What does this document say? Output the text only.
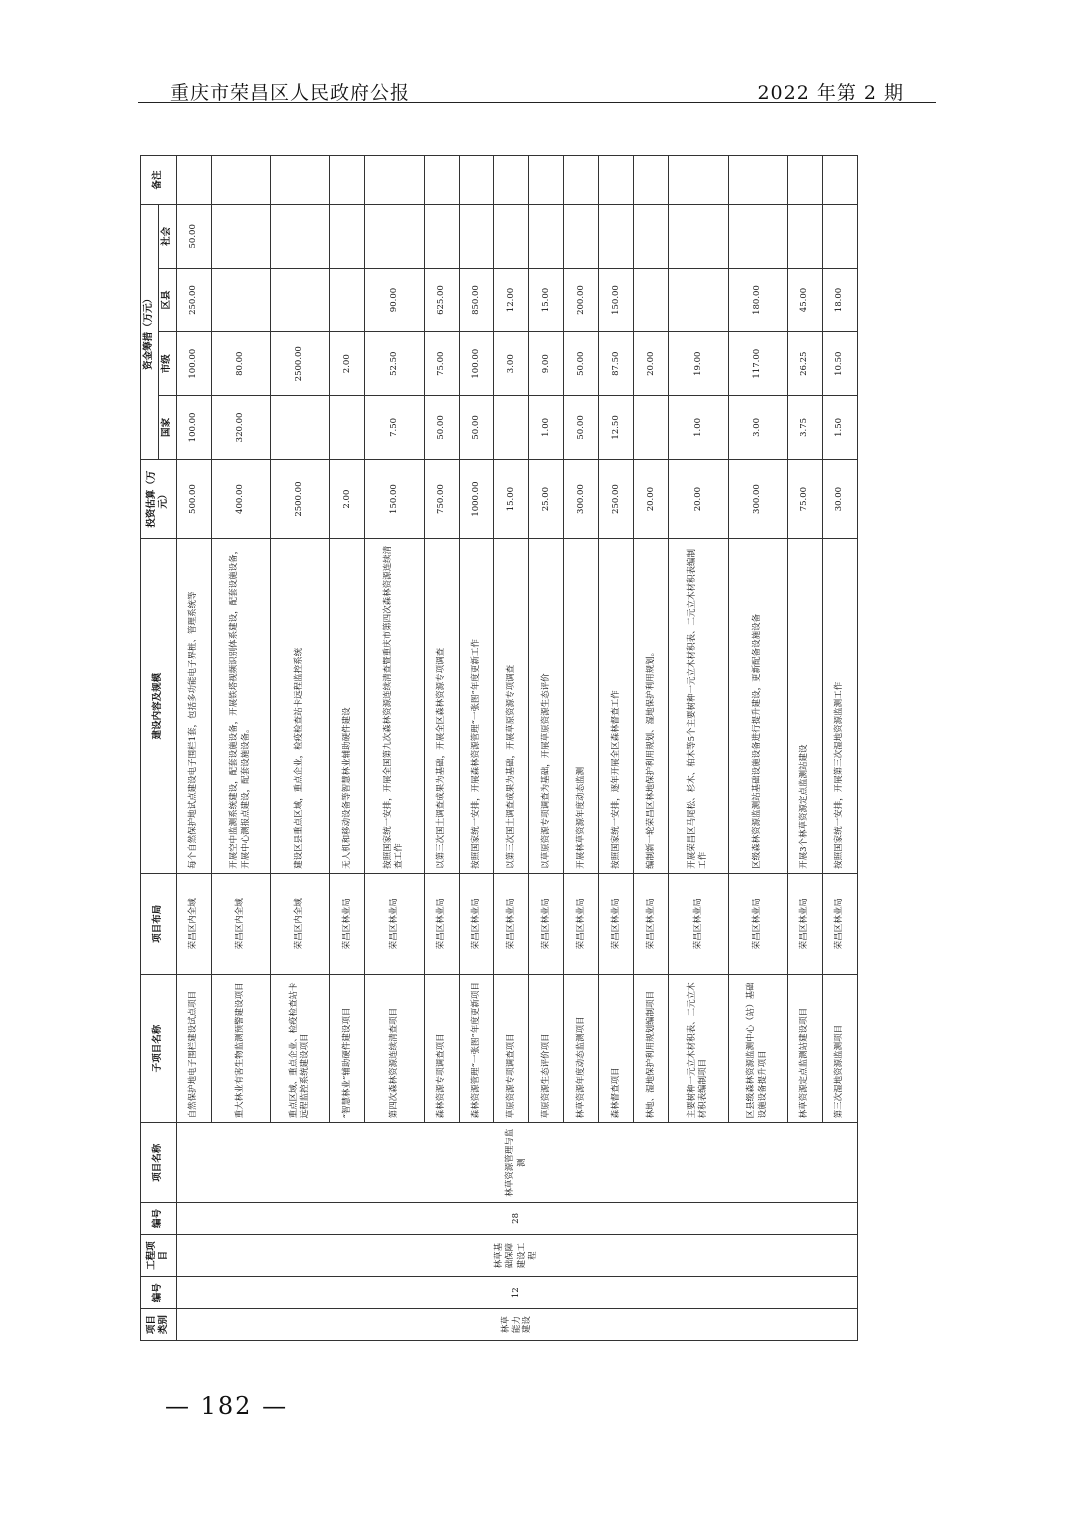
重庆市荣昌区人民政府公报	2022 年第 2 期
项目类别	编号	工程项目	编号	项目名称	子项目名称	项目布局	建设内容及规模	投资估算（万元）	资金筹措（万元）				备注
									国家	市级	区县	社会	
林草能力建设	12	林草基础保障建设工程	28	林草资源管理与监测	自然保护地电子围栏建设试点项目	荣昌区内全域	每个自然保护地试点建设电子围栏1套，包括多功能电子界桩、管理系统等	500.00	100.00	100.00	250.00	50.00	
					重大林业有害生物监测预警建设项目	荣昌区内全域	开展空中监测系统建设，配套设施设备，开展铁塔视频识别体系建设，配套设施设备，开展中心测报点建设，配套设施设备。	400.00	320.00	80.00			
					重点区域、重点企业、检疫检查站卡远程监控系统建设项目	荣昌区内全域	建设区县重点区域，重点企业，检疫检查站卡远程监控系统	2500.00		2500.00			
					“智慧林业”辅助硬件建设项目	荣昌区林业局	无人机和移动设备等智慧林业辅助硬件建设	2.00		2.00			
					第四次森林资源连续清查项目	荣昌区林业局	按照国家统一安排，开展全国第九次森林资源连续清查暨重庆市第四次森林资源连续清查工作	150.00	7.50	52.50	90.00		
					森林资源专项调查项目	荣昌区林业局	以第三次国土调查成果为基础，开展全区森林资源专项调查	750.00	50.00	75.00	625.00		
					森林资源管理“一张图”年度更新项目	荣昌区林业局	按照国家统一安排，开展森林资源管理“一张图”年度更新工作	1000.00	50.00	100.00	850.00		
					草原资源专项调查项目	荣昌区林业局	以第三次国土调查成果为基础，开展草原资源专项调查	15.00		3.00	12.00		
					草原资源生态评价项目	荣昌区林业局	以草原资源专项调查为基础，开展草原资源生态评价	25.00	1.00	9.00	15.00		
					林草资源年度动态监测项目	荣昌区林业局	开展林草资源年度动态监测	300.00	50.00	50.00	200.00		
					森林督查项目	荣昌区林业局	按照国家统一安排，逐年开展全区森林督查工作	250.00	12.50	87.50	150.00		
					林地、湿地保护利用规划编制项目	荣昌区林业局	编制新一轮荣昌区林地保护利用规划、湿地保护利用规划。	20.00		20.00			
					主要树种一元立木材积表、二元立木材积表编制项目	荣昌区林业局	开展荣昌区马尾松、杉木、柏木等5个主要树种一元立木材积表、二元立木材积表编制工作	20.00	1.00	19.00			
					区县级森林资源监测中心（站）基础设施设备提升项目	荣昌区林业局	区级森林资源监测站基础设施设备进行提升建设，更新配备设施设备	300.00	3.00	117.00	180.00		
					林草资源定点监测站建设项目	荣昌区林业局	开展3个林草资源定点监测站建设	75.00	3.75	26.25	45.00		
					第三次湿地资源监测项目	荣昌区林业局	按照国家统一安排，开展第三次湿地资源监测工作	30.00	1.50	10.50	18.00		
— 182 —
